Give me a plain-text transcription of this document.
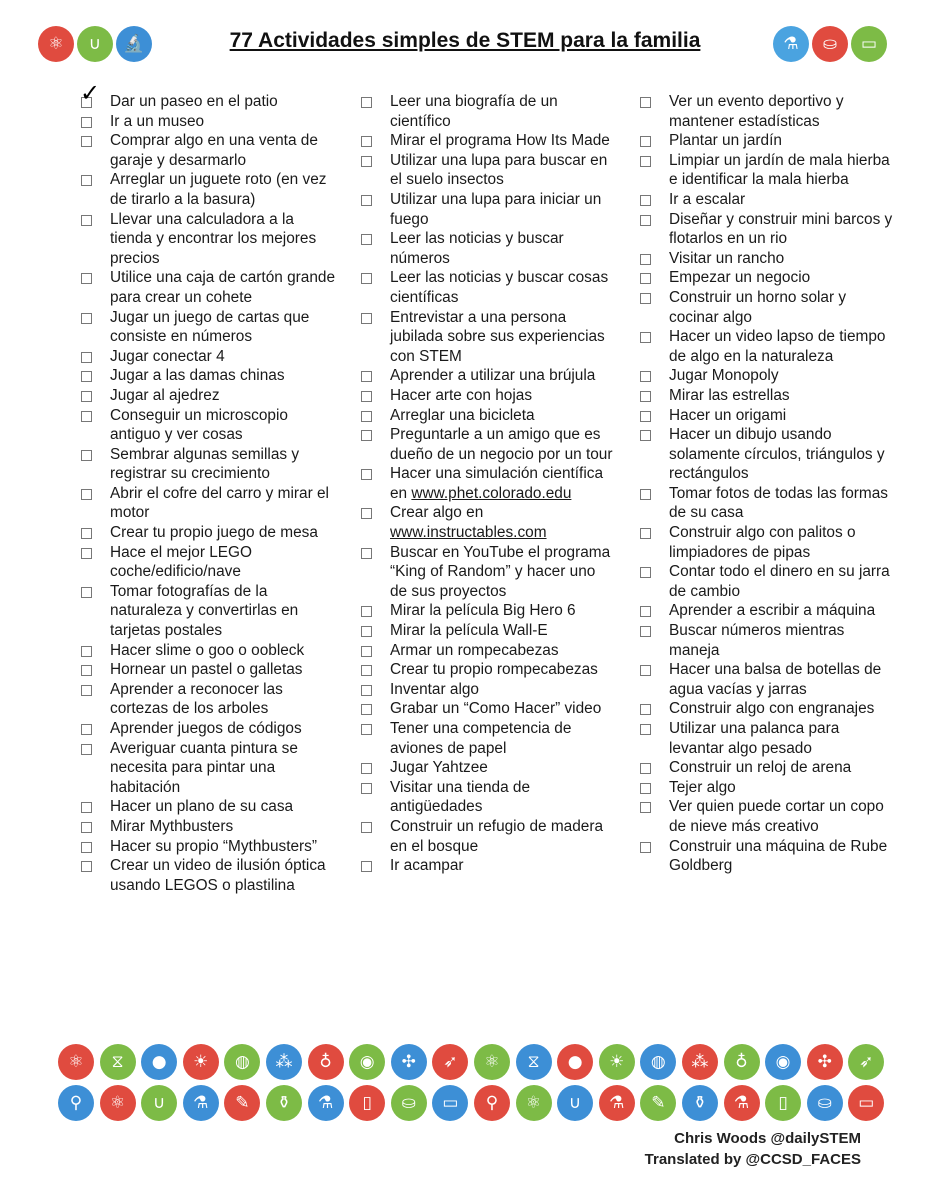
⚛	∪	🔬	77 Actividades simples de STEM para la familia	⚗	⛀	▭
✓ Dar un paseo en el patio
Ir a un museo
Comprar algo en una venta de garaje y desarmarlo
Arreglar un juguete roto (en vez de tirarlo a la basura)
Llevar una calculadora a la tienda y encontrar los mejores precios
Utilice una caja de cartón grande para crear un cohete
Jugar un juego de cartas que consiste en números
Jugar conectar 4
Jugar a las damas chinas
Jugar al ajedrez
Conseguir un microscopio antiguo y ver cosas
Sembrar algunas semillas y registrar su crecimiento
Abrir el cofre del carro y mirar el motor
Crear tu propio juego de mesa
Hace el mejor LEGO coche/edificio/nave
Tomar fotografías de la naturaleza y convertirlas en tarjetas postales
Hacer slime o goo o oobleck
Hornear un pastel o galletas
Aprender a reconocer las cortezas de los arboles
Aprender juegos de códigos
Averiguar cuanta pintura se necesita para pintar una habitación
Hacer un plano de su casa
Mirar Mythbusters
Hacer su propio “Mythbusters”
Crear un video de ilusión óptica usando LEGOS o plastilina
Leer una biografía de un científico
Mirar el programa How Its Made
Utilizar una lupa para buscar en el suelo insectos
Utilizar una lupa para iniciar un fuego
Leer las noticias y buscar números
Leer las noticias y buscar cosas científicas
Entrevistar a una persona jubilada sobre sus experiencias con STEM
Aprender a utilizar una brújula
Hacer arte con hojas
Arreglar una bicicleta
Preguntarle a un amigo que es dueño de un negocio por un tour
Hacer una simulación científica en www.phet.colorado.edu
Crear algo en www.instructables.com
Buscar en YouTube el programa “King of Random” y hacer uno de sus proyectos
Mirar la película Big Hero 6
Mirar la película Wall-E
Armar un rompecabezas
Crear tu propio rompecabezas
Inventar algo
Grabar un “Como Hacer” video
Tener una competencia de aviones de papel
Jugar Yahtzee
Visitar una tienda de antigüedades
Construir un refugio de madera en el bosque
Ir acampar
Ver un evento deportivo y mantener estadísticas
Plantar un jardín
Limpiar un jardín de mala hierba e identificar la mala hierba
Ir a escalar
Diseñar y construir mini barcos y flotarlos en un rio
Visitar un rancho
Empezar un negocio
Construir un horno solar y cocinar algo
Hacer un video lapso de tiempo de algo en la naturaleza
Jugar Monopoly
Mirar las estrellas
Hacer un origami
Hacer un dibujo usando solamente círculos, triángulos y rectángulos
Tomar fotos de todas las formas de su casa
Construir algo con palitos o limpiadores de pipas
Contar todo el dinero en su jarra de cambio
Aprender a escribir a máquina
Buscar números mientras maneja
Hacer una balsa de botellas de agua vacías y jarras
Construir algo con engranajes
Utilizar una palanca para levantar algo pesado
Construir un reloj de arena
Tejer algo
Ver quien puede cortar un copo de nieve más creativo
Construir una máquina de Rube Goldberg
⚛	⧖	●	☀	◍	⁂	♁	◉	✣	➶	⚛	⧖	●	☀	◍	⁂	♁	◉	✣	➶
⚲	⚛	∪	⚗	✎	⚱	⚗	▯	⛀	▭	⚲	⚛	∪	⚗	✎	⚱	⚗	▯	⛀	▭
Chris Woods @dailySTEM
Translated by @CCSD_FACES
